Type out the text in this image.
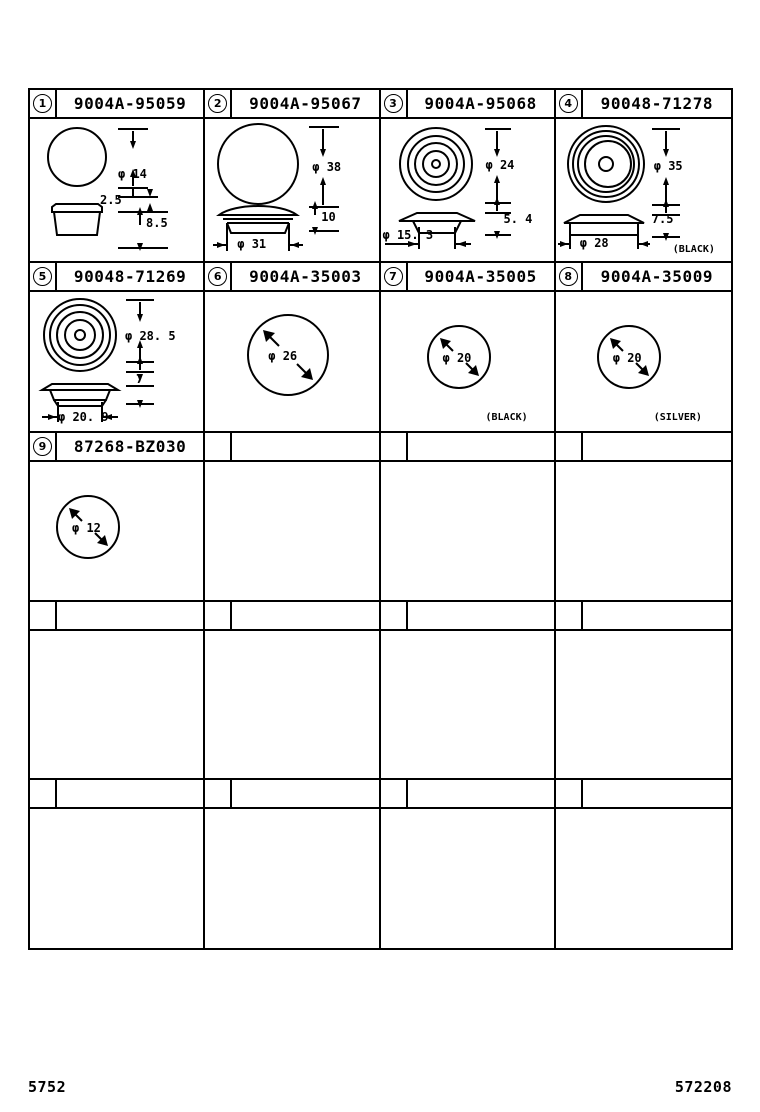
1	9004A-95059	2	9004A-95067	3	9004A-95068	4	90048-71278
φ 14
2.5
8.5
φ 38
10
φ 31
φ 24
5. 4
φ 15. 3
φ 35
7.5
φ 28	(BLACK)
5	90048-71269	6	9004A-35003	7	9004A-35005	8	9004A-35009
φ 28. 5
7
φ 20. 9
φ 26	φ 20
(BLACK)
φ 20
(SILVER)
9	87268-BZ030
φ 12
5752	572208
